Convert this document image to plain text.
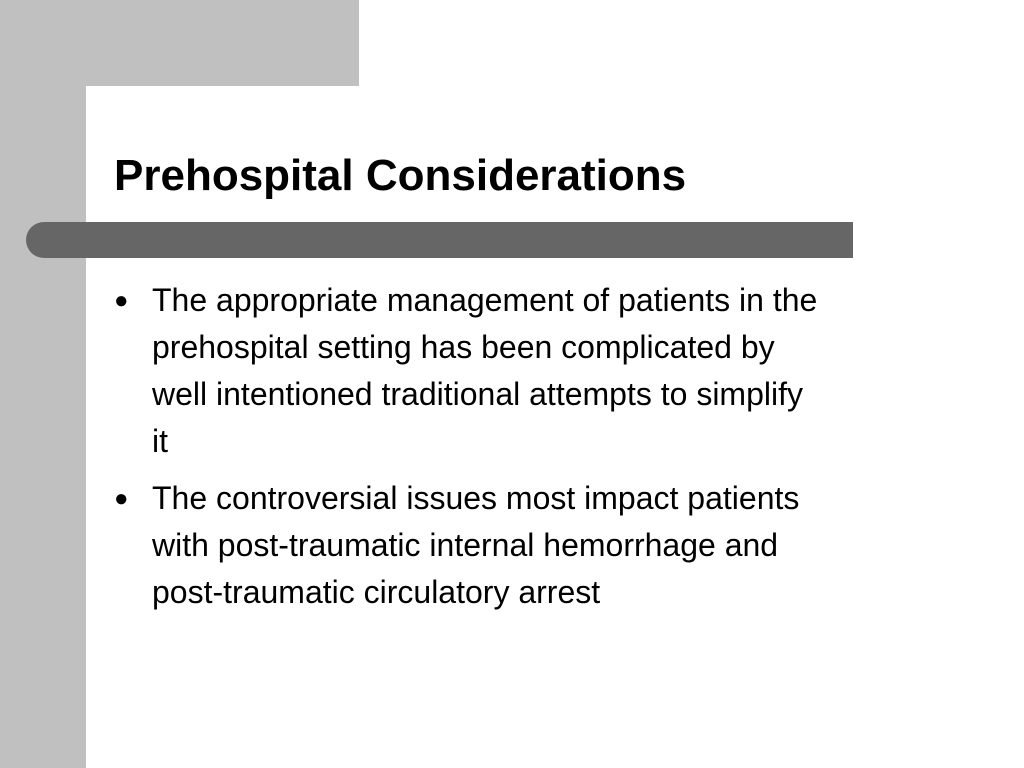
Prehospital Considerations
● The appropriate management of patients in the
prehospital setting has been complicated by
well intentioned traditional attempts to simplify
it
● The controversial issues most impact patients
with post-traumatic internal hemorrhage and
post-traumatic circulatory arrest
